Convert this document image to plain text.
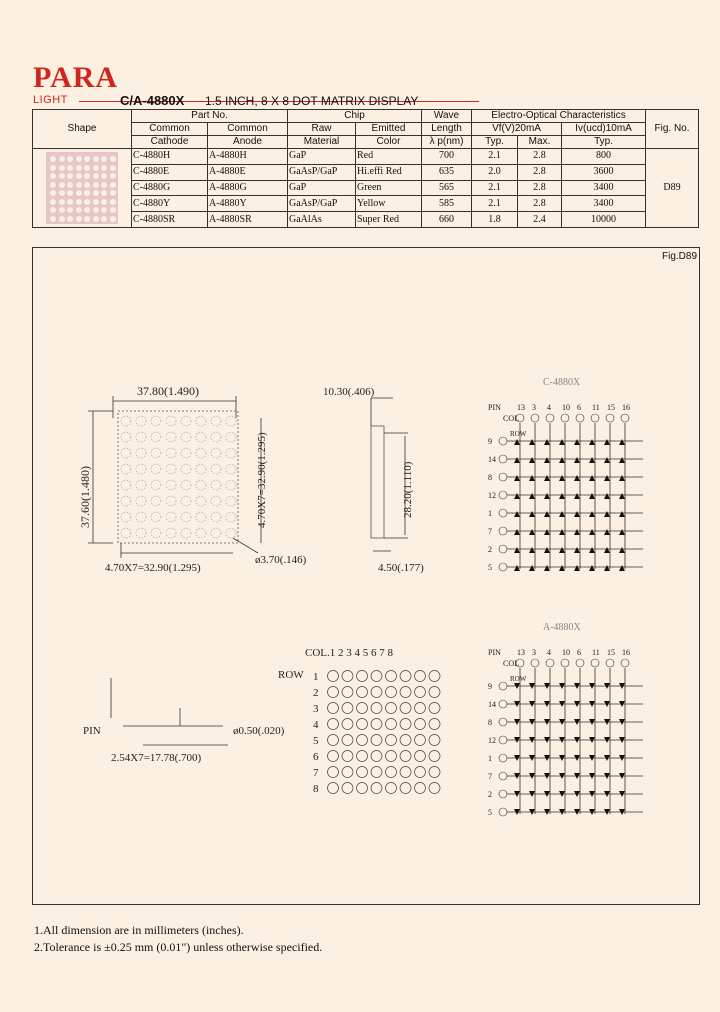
PARA
LIGHT	C/A-4880X 1.5 INCH, 8 X 8 DOT MATRIX DISPLAY
Shape	Part No.		Chip		Wave	Electro-Optical Characteristics			Fig. No.
	Common	Common	Raw	Emitted	Length	Vf(V)20mA		Iv(ucd)10mA	
	Cathode	Anode	Material	Color	λ p(nm)	Typ.	Max.	Typ.	

	C-4880H	A-4880H	GaP	Red	700	2.1	2.8	800	D89
	C-4880E	A-4880E	GaAsP/GaP	Hi.effi Red	635	2.0	2.8	3600	
	C-4880G	A-4880G	GaP	Green	565	2.1	2.8	3400	
	C-4880Y	A-4880Y	GaAsP/GaP	Yellow	585	2.1	2.8	3400	
	C-4880SR	A-4880SR	GaAlAs	Super Red	660	1.8	2.4	10000	
Fig.D89
37.80(1.490)
37.60(1.480)	4.70X7=32.90(1.295)
4.70X7=32.90(1.295)
ø3.70(.146)
10.30(.406)
28.20(1.110)
4.50(.177)
C-4880X
PIN
COL
ROW
13 3 4 10 6 11 15 16
9
14
8
12
1
7
2
5
A-4880X
PIN
COL
ROW
13 3 4 10 6 11 15 16
9
14
8
12
1
7
2
5
PIN	ø0.50(.020)
2.54X7=17.78(.700)
COL.1 2 3 4 5 6 7 8
ROW 1
2
3
4
5
6
7
8
1.All dimension are in millimeters (inches).
2.Tolerance is ±0.25 mm (0.01") unless otherwise specified.
